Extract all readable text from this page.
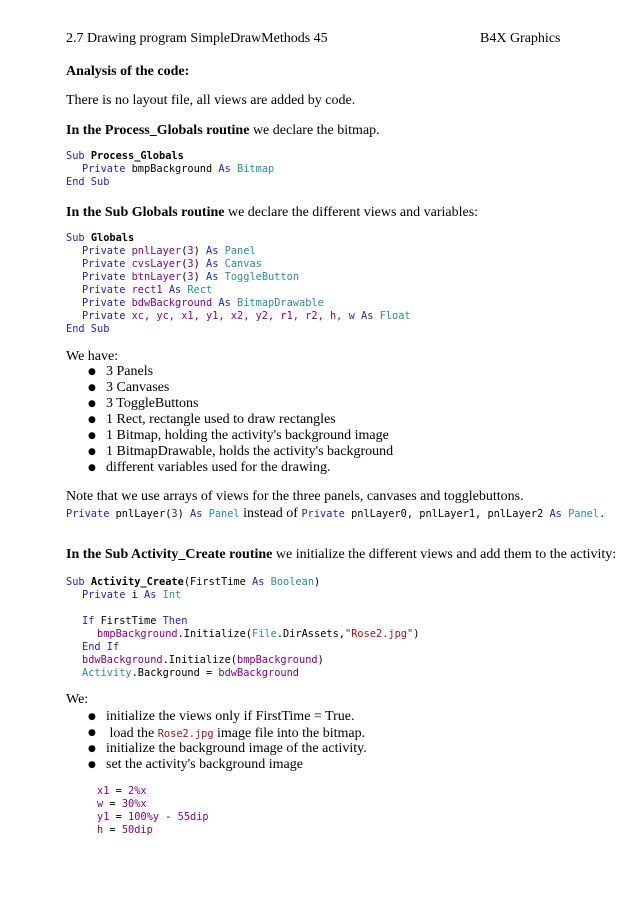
2.7 Drawing program SimpleDrawMethods 45	B4X Graphics
Analysis of the code:
There is no layout file, all views are added by code.
In the Process_Globals routine we declare the bitmap.
Sub Process_Globals
Private bmpBackground As Bitmap
End Sub
In the Sub Globals routine we declare the different views and variables:
Sub Globals
Private pnlLayer(3) As Panel
Private cvsLayer(3) As Canvas
Private btnLayer(3) As ToggleButton
Private rect1 As Rect
Private bdwBackground As BitmapDrawable
Private xc, yc, x1, y1, x2, y2, r1, r2, h, w As Float
End Sub
We have:
● 3 Panels
● 3 Canvases
● 3 ToggleButtons
● 1 Rect, rectangle used to draw rectangles
● 1 Bitmap, holding the activity's background image
● 1 BitmapDrawable, holds the activity's background
● different variables used for the drawing.
Note that we use arrays of views for the three panels, canvases and togglebuttons.
Private pnlLayer(3) As Panel instead of Private pnlLayer0, pnlLayer1, pnlLayer2 As Panel.
In the Sub Activity_Create routine we initialize the different views and add them to the activity:
Sub Activity_Create(FirstTime As Boolean)
Private i As Int
If FirstTime Then
bmpBackground.Initialize(File.DirAssets,"Rose2.jpg")
End If
bdwBackground.Initialize(bmpBackground)
Activity.Background = bdwBackground
We:
● initialize the views only if FirstTime = True.
● load the Rose2.jpg image file into the bitmap.
● initialize the background image of the activity.
● set the activity's background image
x1 = 2%x
w = 30%x
y1 = 100%y - 55dip
h = 50dip
